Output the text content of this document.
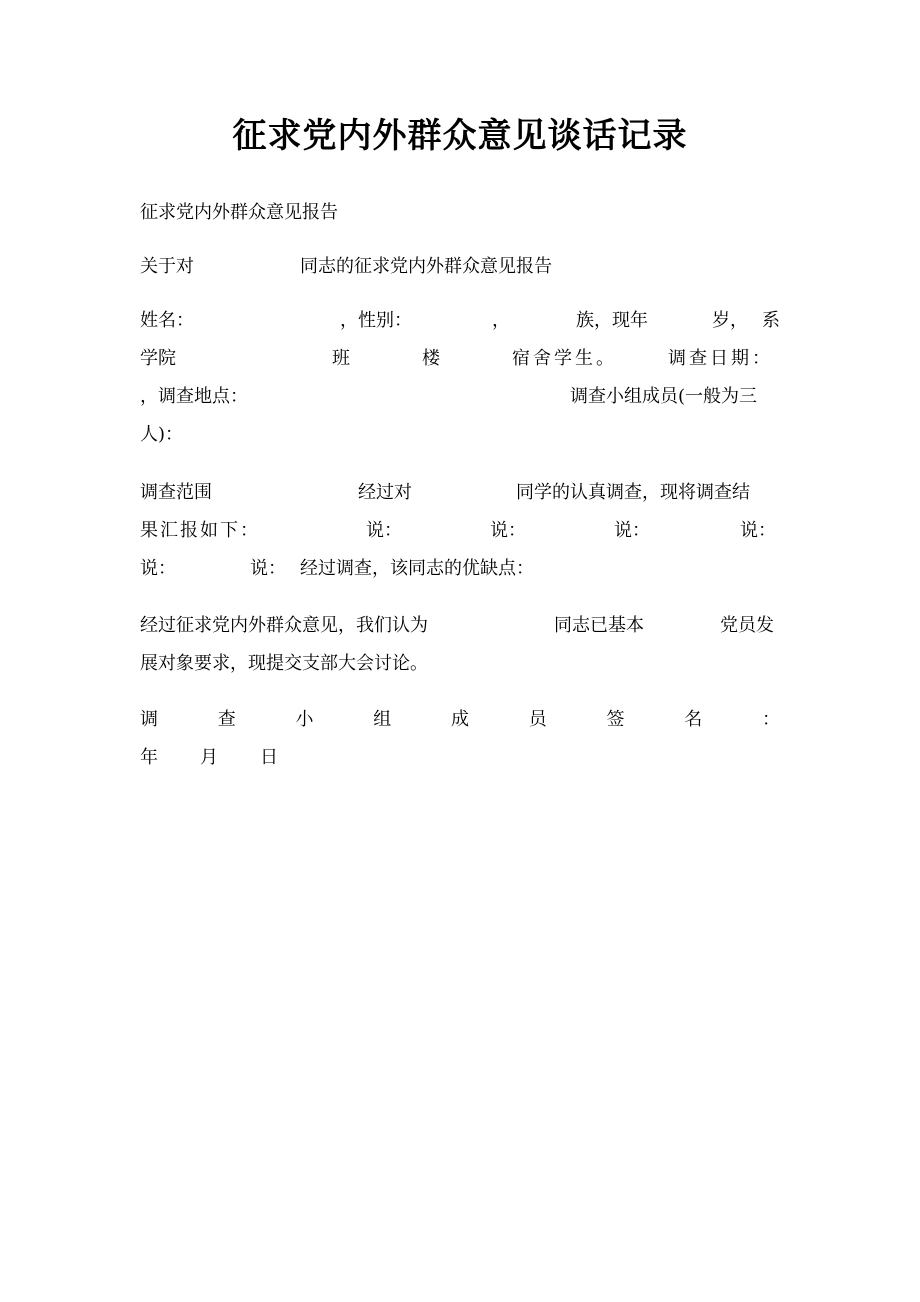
征求党内外群众意见谈话记录
征求党内外群众意见报告
关于对	同志的征求党内外群众意见报告
姓名：	，性别：	，	族，现年	岁， 系
学院	班	楼	宿舍学生。	调查日期：
，调查地点：	调查小组成员(一般为三
人)：
调查范围	经过对	同学的认真调查，现将调查结
果汇报如下：	说：	说：	说：	说：
说：	说： 经过调查，该同志的优缺点：
经过征求党内外群众意见，我们认为	同志已基本	党员发
展对象要求，现提交支部大会讨论。
调	查	小	组	成	员	签	名	：
年 月 日
